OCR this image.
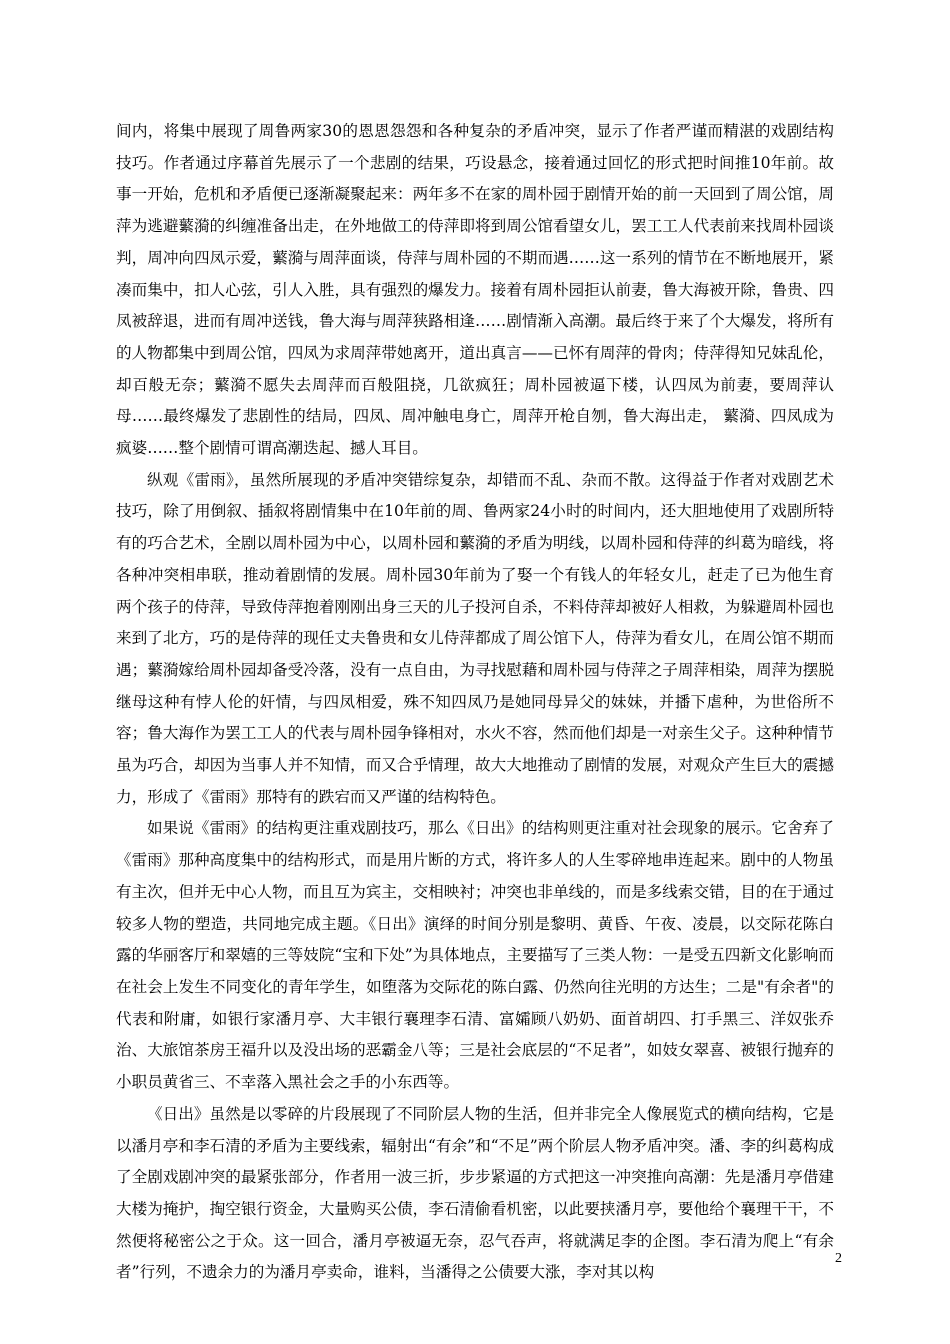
间内，将集中展现了周鲁两家30的恩恩怨怨和各种复杂的矛盾冲突，显示了作者严谨而精湛的戏剧结构技巧。作者通过序幕首先展示了一个悲剧的结果，巧设悬念，接着通过回忆的形式把时间推10年前。故事一开始，危机和矛盾便已逐渐凝聚起来：两年多不在家的周朴园于剧情开始的前一天回到了周公馆，周萍为逃避蘩漪的纠缠准备出走，在外地做工的侍萍即将到周公馆看望女儿，罢工工人代表前来找周朴园谈判，周冲向四凤示爱，蘩漪与周萍面谈，侍萍与周朴园的不期而遇……这一系列的情节在不断地展开，紧凑而集中，扣人心弦，引人入胜，具有强烈的爆发力。接着有周朴园拒认前妻，鲁大海被开除，鲁贵、四凤被辞退，进而有周冲送钱，鲁大海与周萍狭路相逢……剧情渐入高潮。最后终于来了个大爆发，将所有的人物都集中到周公馆，四凤为求周萍带她离开，道出真言——已怀有周萍的骨肉；侍萍得知兄妹乱伦，却百般无奈；蘩漪不愿失去周萍而百般阻挠，几欲疯狂；周朴园被逼下楼，认四凤为前妻，要周萍认母……最终爆发了悲剧性的结局，四凤、周冲触电身亡，周萍开枪自刎，鲁大海出走， 蘩漪、四凤成为疯婆……整个剧情可谓高潮迭起、撼人耳目。

纵观《雷雨》，虽然所展现的矛盾冲突错综复杂，却错而不乱、杂而不散。这得益于作者对戏剧艺术技巧，除了用倒叙、插叙将剧情集中在10年前的周、鲁两家24小时的时间内，还大胆地使用了戏剧所特有的巧合艺术，全剧以周朴园为中心，以周朴园和蘩漪的矛盾为明线，以周朴园和侍萍的纠葛为暗线，将各种冲突相串联，推动着剧情的发展。周朴园30年前为了娶一个有钱人的年轻女儿，赶走了已为他生育两个孩子的侍萍，导致侍萍抱着刚刚出身三天的儿子投河自杀，不料侍萍却被好人相救，为躲避周朴园也来到了北方，巧的是侍萍的现任丈夫鲁贵和女儿侍萍都成了周公馆下人，侍萍为看女儿，在周公馆不期而遇；蘩漪嫁给周朴园却备受冷落，没有一点自由，为寻找慰藉和周朴园与侍萍之子周萍相染，周萍为摆脱继母这种有悖人伦的奸情，与四凤相爱，殊不知四凤乃是她同母异父的妹妹，并播下虐种，为世俗所不容；鲁大海作为罢工工人的代表与周朴园争锋相对，水火不容，然而他们却是一对亲生父子。这种种情节虽为巧合，却因为当事人并不知情，而又合乎情理，故大大地推动了剧情的发展，对观众产生巨大的震撼力，形成了《雷雨》那特有的跌宕而又严谨的结构特色。

如果说《雷雨》的结构更注重戏剧技巧，那么《日出》的结构则更注重对社会现象的展示。它舍弃了《雷雨》那种高度集中的结构形式，而是用片断的方式，将许多人的人生零碎地串连起来。剧中的人物虽有主次，但并无中心人物，而且互为宾主，交相映衬；冲突也非单线的，而是多线索交错，目的在于通过较多人物的塑造，共同地完成主题。《日出》演绎的时间分别是黎明、黄昏、午夜、凌晨，以交际花陈白露的华丽客厅和翠嬉的三等妓院“宝和下处”为具体地点，主要描写了三类人物：一是受五四新文化影响而在社会上发生不同变化的青年学生，如堕落为交际花的陈白露、仍然向往光明的方达生；二是"有余者"的代表和附庸，如银行家潘月亭、大丰银行襄理李石清、富孀顾八奶奶、面首胡四、打手黑三、洋奴张乔治、大旅馆茶房王福升以及没出场的恶霸金八等；三是社会底层的“不足者”，如妓女翠喜、被银行抛弃的小职员黄省三、不幸落入黑社会之手的小东西等。

《日出》虽然是以零碎的片段展现了不同阶层人物的生活，但并非完全人像展览式的横向结构，它是以潘月亭和李石清的矛盾为主要线索，辐射出“有余”和“不足”两个阶层人物矛盾冲突。潘、李的纠葛构成了全剧戏剧冲突的最紧张部分，作者用一波三折，步步紧逼的方式把这一冲突推向高潮：先是潘月亭借建大楼为掩护，掏空银行资金，大量购买公债，李石清偷看机密，以此要挟潘月亭，要他给个襄理干干，不然便将秘密公之于众。这一回合，潘月亭被逼无奈，忍气吞声，将就满足李的企图。李石清为爬上“有余者”行列，不遗余力的为潘月亭卖命，谁料，当潘得之公债要大涨，李对其以构

2
